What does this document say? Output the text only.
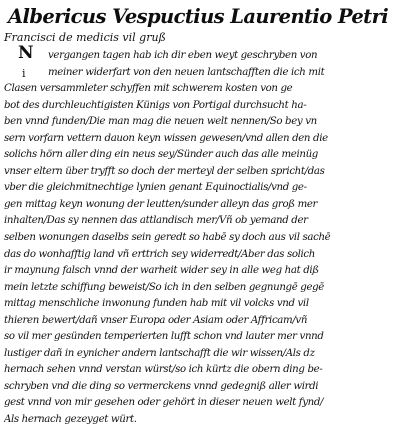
Albericus Vespuctius Laurentio Petri
Francisci de medicis vil gruß
N
i
vergangen tagen hab ich dir eben weyt geschryben von
meiner widerfart von den neuen lantschafften die ich mit
Clasen versammleter schyffen mit schwerem kosten von ge
bot des durchleuchtigisten Künigs von Portigal durchsucht ha-
ben vnnd funden/Die man mag die neuen welt nennen/So bey vn
sern vorfarn vettern dauon keyn wissen gewesen/vnd allen den die
solichs hörn aller ding ein neus sey/Sünder auch das alle meinüg
vnser eltern über tryfft so doch der merteyl der selben spricht/das
vber die gleichmitnechtige lynien genant Equinoctialis/vnd ge-
gen mittag keyn wonung der leutten/sunder alleyn das groß mer
inhalten/Das sy nennen das attlandisch mer/Vñ ob yemand der
selben wonungen daselbs sein geredt so habē sy doch aus vil sachē
das do wonhafftig land vñ erttrich sey widerredt/Aber das solich
ir maynung falsch vnnd der warheit wider sey in alle weg hat diß
mein letzte schiffung beweist/So ich in den selben gegnungē gegē
mittag menschliche inwonung funden hab mit vil volcks vnd vil
thieren bewert/dañ vnser Europa oder Asiam oder Affricam/vñ
so vil mer gesünden temperierten lufft schon vnd lauter mer vnnd
lustiger dañ in eynicher andern lantschafft die wir wissen/Als dz
hernach sehen vnnd verstan würst/so ich kürtz die obern ding be-
schryben vnd die ding so vermerckens vnnd gedegniß aller wirdi
gest vnnd von mir gesehen oder gehört in dieser neuen welt fynd/
Als hernach gezeyget würt.
